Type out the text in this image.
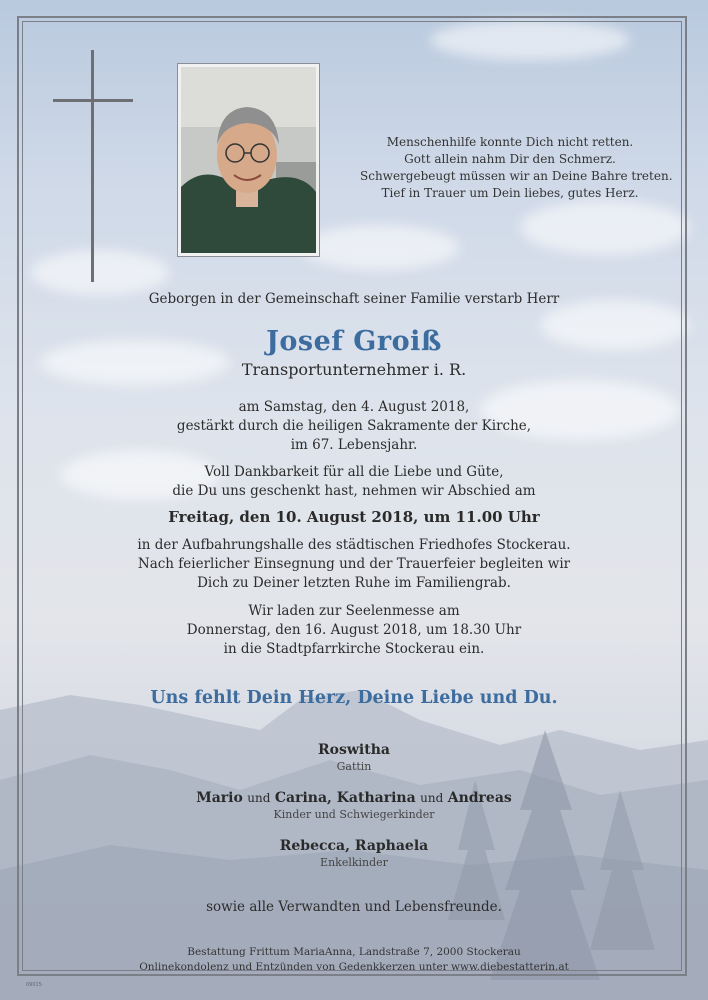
Menschenhilfe konnte Dich nicht retten.
Gott allein nahm Dir den Schmerz.
Schwergebeugt müssen wir an Deine Bahre treten.
Tief in Trauer um Dein liebes, gutes Herz.
Geborgen in der Gemeinschaft seiner Familie verstarb Herr
Josef Groiß
Transportunternehmer i. R.
am Samstag, den 4. August 2018,
gestärkt durch die heiligen Sakramente der Kirche,
im 67. Lebensjahr.
Voll Dankbarkeit für all die Liebe und Güte,
die Du uns geschenkt hast, nehmen wir Abschied am
Freitag, den 10. August 2018, um 11.00 Uhr
in der Aufbahrungshalle des städtischen Friedhofes Stockerau.
Nach feierlicher Einsegnung und der Trauerfeier begleiten wir
Dich zu Deiner letzten Ruhe im Familiengrab.
Wir laden zur Seelenmesse am
Donnerstag, den 16. August 2018, um 18.30 Uhr
in die Stadtpfarrkirche Stockerau ein.
Uns fehlt Dein Herz, Deine Liebe und Du.
Roswitha
Gattin
Mario und Carina, Katharina und Andreas
Kinder und Schwiegerkinder
Rebecca, Raphaela
Enkelkinder
sowie alle Verwandten und Lebensfreunde.
Bestattung Frittum MariaAnna, Landstraße 7, 2000 Stockerau
Onlinekondolenz und Entzünden von Gedenkkerzen unter www.diebestatterin.at
09015
